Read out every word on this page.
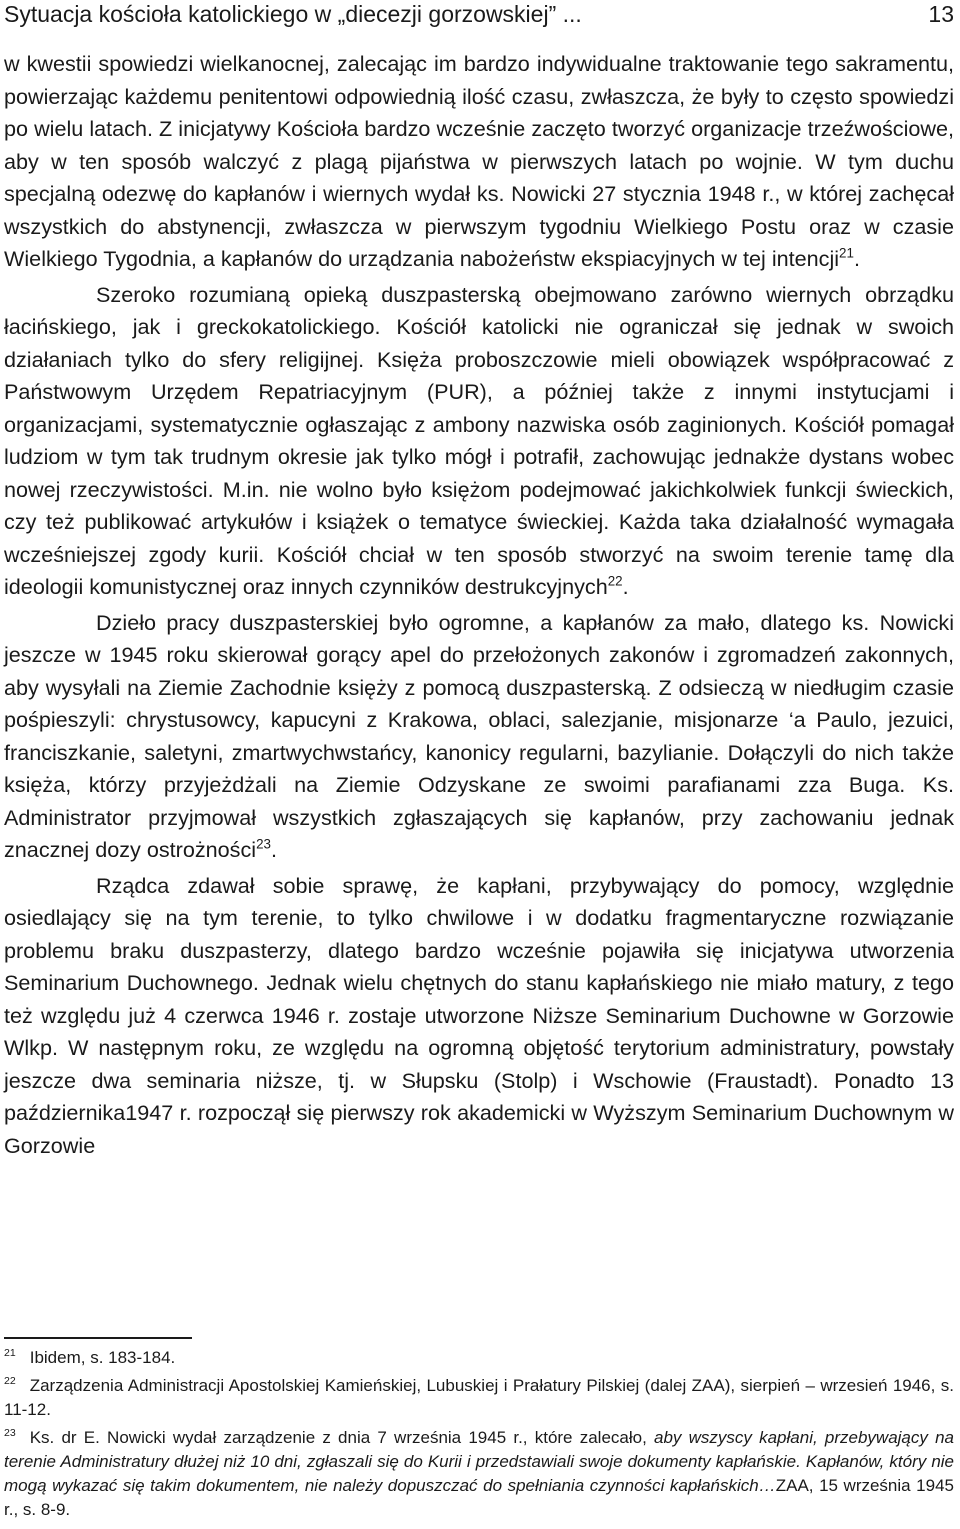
Sytuacja kościoła katolickiego w „diecezji gorzowskiej” ...	13

w kwestii spowiedzi wielkanocnej, zalecając im bardzo indywidualne traktowanie tego sakramentu, powierzając każdemu penitentowi odpowiednią ilość czasu, zwłaszcza, że były to często spowiedzi po wielu latach. Z inicjatywy Kościoła bardzo wcześnie zaczęto tworzyć organizacje trzeźwościowe, aby w ten sposób walczyć z plagą pijaństwa w pierwszych latach po wojnie. W tym duchu specjalną odezwę do kapłanów i wiernych wydał ks. Nowicki 27 stycznia 1948 r., w której zachęcał wszystkich do abstynencji, zwłaszcza w pierwszym tygodniu Wielkiego Postu oraz w czasie Wielkiego Tygodnia, a kapłanów do urządzania nabożeństw ekspiacyjnych w tej intencji$^{21}$.

Szeroko rozumianą opieką duszpasterską obejmowano zarówno wiernych obrządku łacińskiego, jak i greckokatolickiego. Kościół katolicki nie ograniczał się jednak w swoich działaniach tylko do sfery religijnej. Księża proboszczowie mieli obowiązek współpracować z Państwowym Urzędem Repatriacyjnym (PUR), a później także z innymi instytucjami i organizacjami, systematycznie ogłaszając z ambony nazwiska osób zaginionych. Kościół pomagał ludziom w tym tak trudnym okresie jak tylko mógł i potrafił, zachowując jednakże dystans wobec nowej rzeczywistości. M.in. nie wolno było księżom podejmować jakichkolwiek funkcji świeckich, czy też publikować artykułów i książek o tematyce świeckiej. Każda taka działalność wymagała wcześniejszej zgody kurii. Kościół chciał w ten sposób stworzyć na swoim terenie tamę dla ideologii komunistycznej oraz innych czynników destrukcyjnych$^{22}$.

Dzieło pracy duszpasterskiej było ogromne, a kapłanów za mało, dlatego ks. Nowicki jeszcze w 1945 roku skierował gorący apel do przełożonych zakonów i zgromadzeń zakonnych, aby wysyłali na Ziemie Zachodnie księży z pomocą duszpasterską. Z odsieczą w niedługim czasie pośpieszyli: chrystusowcy, kapucyni z Krakowa, oblaci, salezjanie, misjonarze ‘a Paulo, jezuici, franciszkanie, saletyni, zmartwychwstańcy, kanonicy regularni, bazylianie. Dołączyli do nich także księża, którzy przyjeżdżali na Ziemie Odzyskane ze swoimi parafianami zza Buga. Ks. Administrator przyjmował wszystkich zgłaszających się kapłanów, przy zachowaniu jednak znacznej dozy ostrożności$^{23}$.

Rządca zdawał sobie sprawę, że kapłani, przybywający do pomocy, względnie osiedlający się na tym terenie, to tylko chwilowe i w dodatku fragmentaryczne rozwiązanie problemu braku duszpasterzy, dlatego bardzo wcześnie pojawiła się inicjatywa utworzenia Seminarium Duchownego. Jednak wielu chętnych do stanu kapłańskiego nie miało matury, z tego też względu już 4 czerwca 1946 r. zostaje utworzone Niższe Seminarium Duchowne w Gorzowie Wlkp. W następnym roku, ze względu na ogromną objętość terytorium administratury, powstały jeszcze dwa seminaria niższe, tj. w Słupsku (Stolp) i Wschowie (Fraustadt). Ponadto 13 października1947 r. rozpoczął się pierwszy rok akademicki w Wyższym Seminarium Duchownym w Gorzowie

$^{21}$ Ibidem, s. 183-184.

$^{22}$ Zarządzenia Administracji Apostolskiej Kamieńskiej, Lubuskiej i Prałatury Pilskiej (dalej ZAA), sierpień – wrzesień 1946, s. 11-12.

$^{23}$ Ks. dr E. Nowicki wydał zarządzenie z dnia 7 września 1945 r., które zalecało, aby wszyscy kapłani, przebywający na terenie Administratury dłużej niż 10 dni, zgłaszali się do Kurii i przedstawiali swoje dokumenty kapłańskie. Kapłanów, który nie mogą wykazać się takim dokumentem, nie należy dopuszczać do spełniania czynności kapłańskich…ZAA, 15 września 1945 r., s. 8-9.
